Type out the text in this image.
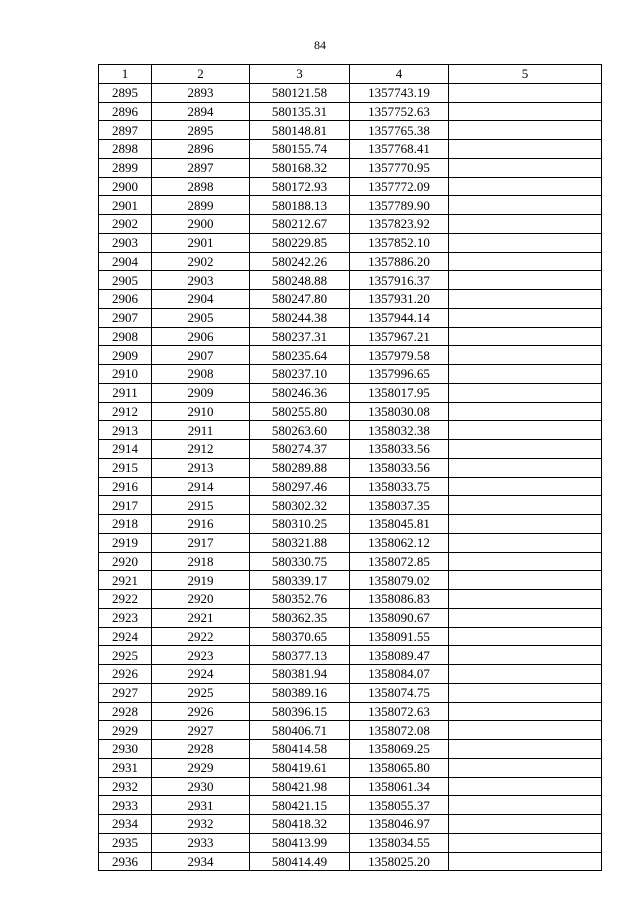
84
1	2	3	4	5
2895	2893	580121.58	1357743.19	
2896	2894	580135.31	1357752.63	
2897	2895	580148.81	1357765.38	
2898	2896	580155.74	1357768.41	
2899	2897	580168.32	1357770.95	
2900	2898	580172.93	1357772.09	
2901	2899	580188.13	1357789.90	
2902	2900	580212.67	1357823.92	
2903	2901	580229.85	1357852.10	
2904	2902	580242.26	1357886.20	
2905	2903	580248.88	1357916.37	
2906	2904	580247.80	1357931.20	
2907	2905	580244.38	1357944.14	
2908	2906	580237.31	1357967.21	
2909	2907	580235.64	1357979.58	
2910	2908	580237.10	1357996.65	
2911	2909	580246.36	1358017.95	
2912	2910	580255.80	1358030.08	
2913	2911	580263.60	1358032.38	
2914	2912	580274.37	1358033.56	
2915	2913	580289.88	1358033.56	
2916	2914	580297.46	1358033.75	
2917	2915	580302.32	1358037.35	
2918	2916	580310.25	1358045.81	
2919	2917	580321.88	1358062.12	
2920	2918	580330.75	1358072.85	
2921	2919	580339.17	1358079.02	
2922	2920	580352.76	1358086.83	
2923	2921	580362.35	1358090.67	
2924	2922	580370.65	1358091.55	
2925	2923	580377.13	1358089.47	
2926	2924	580381.94	1358084.07	
2927	2925	580389.16	1358074.75	
2928	2926	580396.15	1358072.63	
2929	2927	580406.71	1358072.08	
2930	2928	580414.58	1358069.25	
2931	2929	580419.61	1358065.80	
2932	2930	580421.98	1358061.34	
2933	2931	580421.15	1358055.37	
2934	2932	580418.32	1358046.97	
2935	2933	580413.99	1358034.55	
2936	2934	580414.49	1358025.20	
